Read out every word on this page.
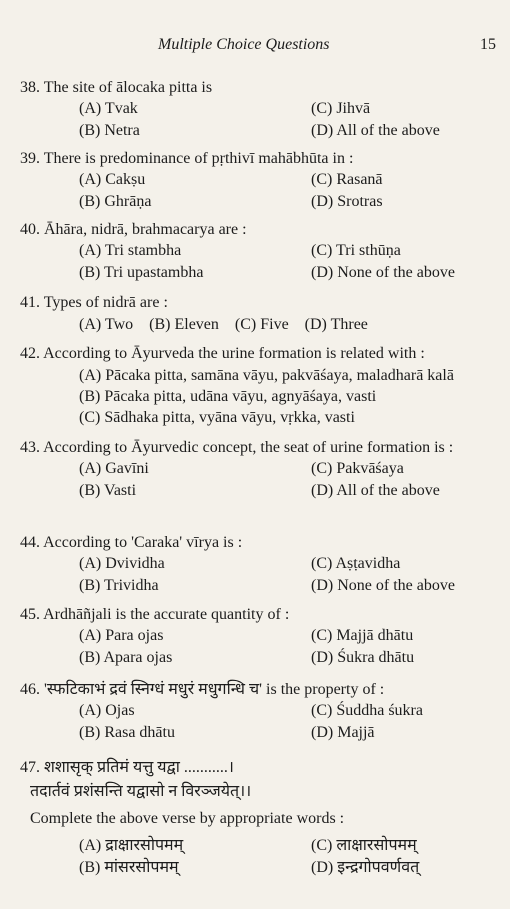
Multiple Choice Questions	15
38. The site of ālocaka pitta is
(A) Tvak	(C) Jihvā
(B) Netra	(D) All of the above
39. There is predominance of pṛthivī mahābhūta in :
(A) Cakṣu	(C) Rasanā
(B) Ghrāṇa	(D) Srotras
40. Āhāra, nidrā, brahmacarya are :
(A) Tri stambha	(C) Tri sthūṇa
(B) Tri upastambha	(D) None of the above
41. Types of nidrā are :
(A) Two (B) Eleven (C) Five (D) Three
42. According to Āyurveda the urine formation is related with :
(A) Pācaka pitta, samāna vāyu, pakvāśaya, maladharā kalā
(B) Pācaka pitta, udāna vāyu, agnyāśaya, vasti
(C) Sādhaka pitta, vyāna vāyu, vṛkka, vasti
43. According to Āyurvedic concept, the seat of urine formation is :
(A) Gavīni	(C) Pakvāśaya
(B) Vasti	(D) All of the above
44. According to 'Caraka' vīrya is :
(A) Dvividha	(C) Aṣṭavidha
(B) Trividha	(D) None of the above
45. Ardhāñjali is the accurate quantity of :
(A) Para ojas	(C) Majjā dhātu
(B) Apara ojas	(D) Śukra dhātu
46. 'स्फटिकाभं द्रवं स्निग्धं मधुरं मधुगन्धि च' is the property of :
(A) Ojas	(C) Śuddha śukra
(B) Rasa dhātu	(D) Majjā
47. शशासृक् प्रतिमं यत्तु यद्वा ...........।
तदार्तवं प्रशंसन्ति यद्वासो न विरञ्जयेत्।।
Complete the above verse by appropriate words :
(A) द्राक्षारसोपमम्	(C) लाक्षारसोपमम्
(B) मांसरसोपमम्	(D) इन्द्रगोपवर्णवत्
